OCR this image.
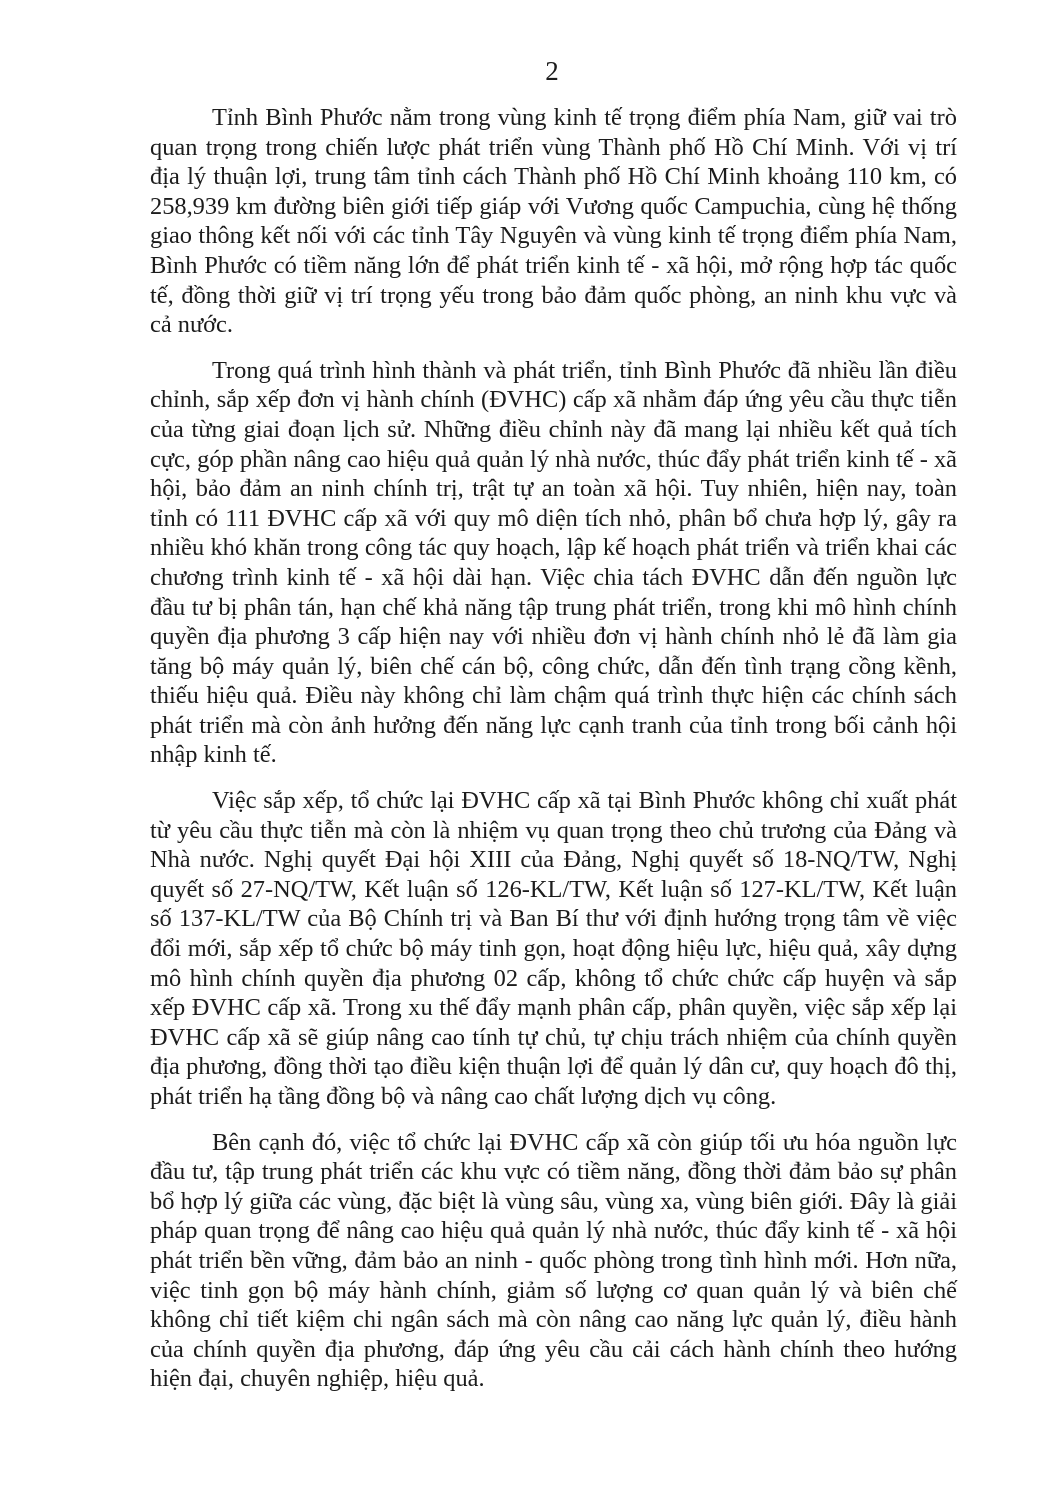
2

Tỉnh Bình Phước nằm trong vùng kinh tế trọng điểm phía Nam, giữ vai trò quan trọng trong chiến lược phát triển vùng Thành phố Hồ Chí Minh. Với vị trí địa lý thuận lợi, trung tâm tỉnh cách Thành phố Hồ Chí Minh khoảng 110 km, có 258,939 km đường biên giới tiếp giáp với Vương quốc Campuchia, cùng hệ thống giao thông kết nối với các tỉnh Tây Nguyên và vùng kinh tế trọng điểm phía Nam, Bình Phước có tiềm năng lớn để phát triển kinh tế - xã hội, mở rộng hợp tác quốc tế, đồng thời giữ vị trí trọng yếu trong bảo đảm quốc phòng, an ninh khu vực và cả nước.

Trong quá trình hình thành và phát triển, tỉnh Bình Phước đã nhiều lần điều chỉnh, sắp xếp đơn vị hành chính (ĐVHC) cấp xã nhằm đáp ứng yêu cầu thực tiễn của từng giai đoạn lịch sử. Những điều chỉnh này đã mang lại nhiều kết quả tích cực, góp phần nâng cao hiệu quả quản lý nhà nước, thúc đẩy phát triển kinh tế - xã hội, bảo đảm an ninh chính trị, trật tự an toàn xã hội. Tuy nhiên, hiện nay, toàn tỉnh có 111 ĐVHC cấp xã với quy mô diện tích nhỏ, phân bổ chưa hợp lý, gây ra nhiều khó khăn trong công tác quy hoạch, lập kế hoạch phát triển và triển khai các chương trình kinh tế - xã hội dài hạn. Việc chia tách ĐVHC dẫn đến nguồn lực đầu tư bị phân tán, hạn chế khả năng tập trung phát triển, trong khi mô hình chính quyền địa phương 3 cấp hiện nay với nhiều đơn vị hành chính nhỏ lẻ đã làm gia tăng bộ máy quản lý, biên chế cán bộ, công chức, dẫn đến tình trạng cồng kềnh, thiếu hiệu quả. Điều này không chỉ làm chậm quá trình thực hiện các chính sách phát triển mà còn ảnh hưởng đến năng lực cạnh tranh của tỉnh trong bối cảnh hội nhập kinh tế.

Việc sắp xếp, tổ chức lại ĐVHC cấp xã tại Bình Phước không chỉ xuất phát từ yêu cầu thực tiễn mà còn là nhiệm vụ quan trọng theo chủ trương của Đảng và Nhà nước. Nghị quyết Đại hội XIII của Đảng, Nghị quyết số 18-NQ/TW, Nghị quyết số 27-NQ/TW, Kết luận số 126-KL/TW, Kết luận số 127-KL/TW, Kết luận số 137-KL/TW của Bộ Chính trị và Ban Bí thư với định hướng trọng tâm về việc đổi mới, sắp xếp tổ chức bộ máy tinh gọn, hoạt động hiệu lực, hiệu quả, xây dựng mô hình chính quyền địa phương 02 cấp, không tổ chức chức cấp huyện và sắp xếp ĐVHC cấp xã. Trong xu thế đẩy mạnh phân cấp, phân quyền, việc sắp xếp lại ĐVHC cấp xã sẽ giúp nâng cao tính tự chủ, tự chịu trách nhiệm của chính quyền địa phương, đồng thời tạo điều kiện thuận lợi để quản lý dân cư, quy hoạch đô thị, phát triển hạ tầng đồng bộ và nâng cao chất lượng dịch vụ công.

Bên cạnh đó, việc tổ chức lại ĐVHC cấp xã còn giúp tối ưu hóa nguồn lực đầu tư, tập trung phát triển các khu vực có tiềm năng, đồng thời đảm bảo sự phân bổ hợp lý giữa các vùng, đặc biệt là vùng sâu, vùng xa, vùng biên giới. Đây là giải pháp quan trọng để nâng cao hiệu quả quản lý nhà nước, thúc đẩy kinh tế - xã hội phát triển bền vững, đảm bảo an ninh - quốc phòng trong tình hình mới. Hơn nữa, việc tinh gọn bộ máy hành chính, giảm số lượng cơ quan quản lý và biên chế không chỉ tiết kiệm chi ngân sách mà còn nâng cao năng lực quản lý, điều hành của chính quyền địa phương, đáp ứng yêu cầu cải cách hành chính theo hướng hiện đại, chuyên nghiệp, hiệu quả.
